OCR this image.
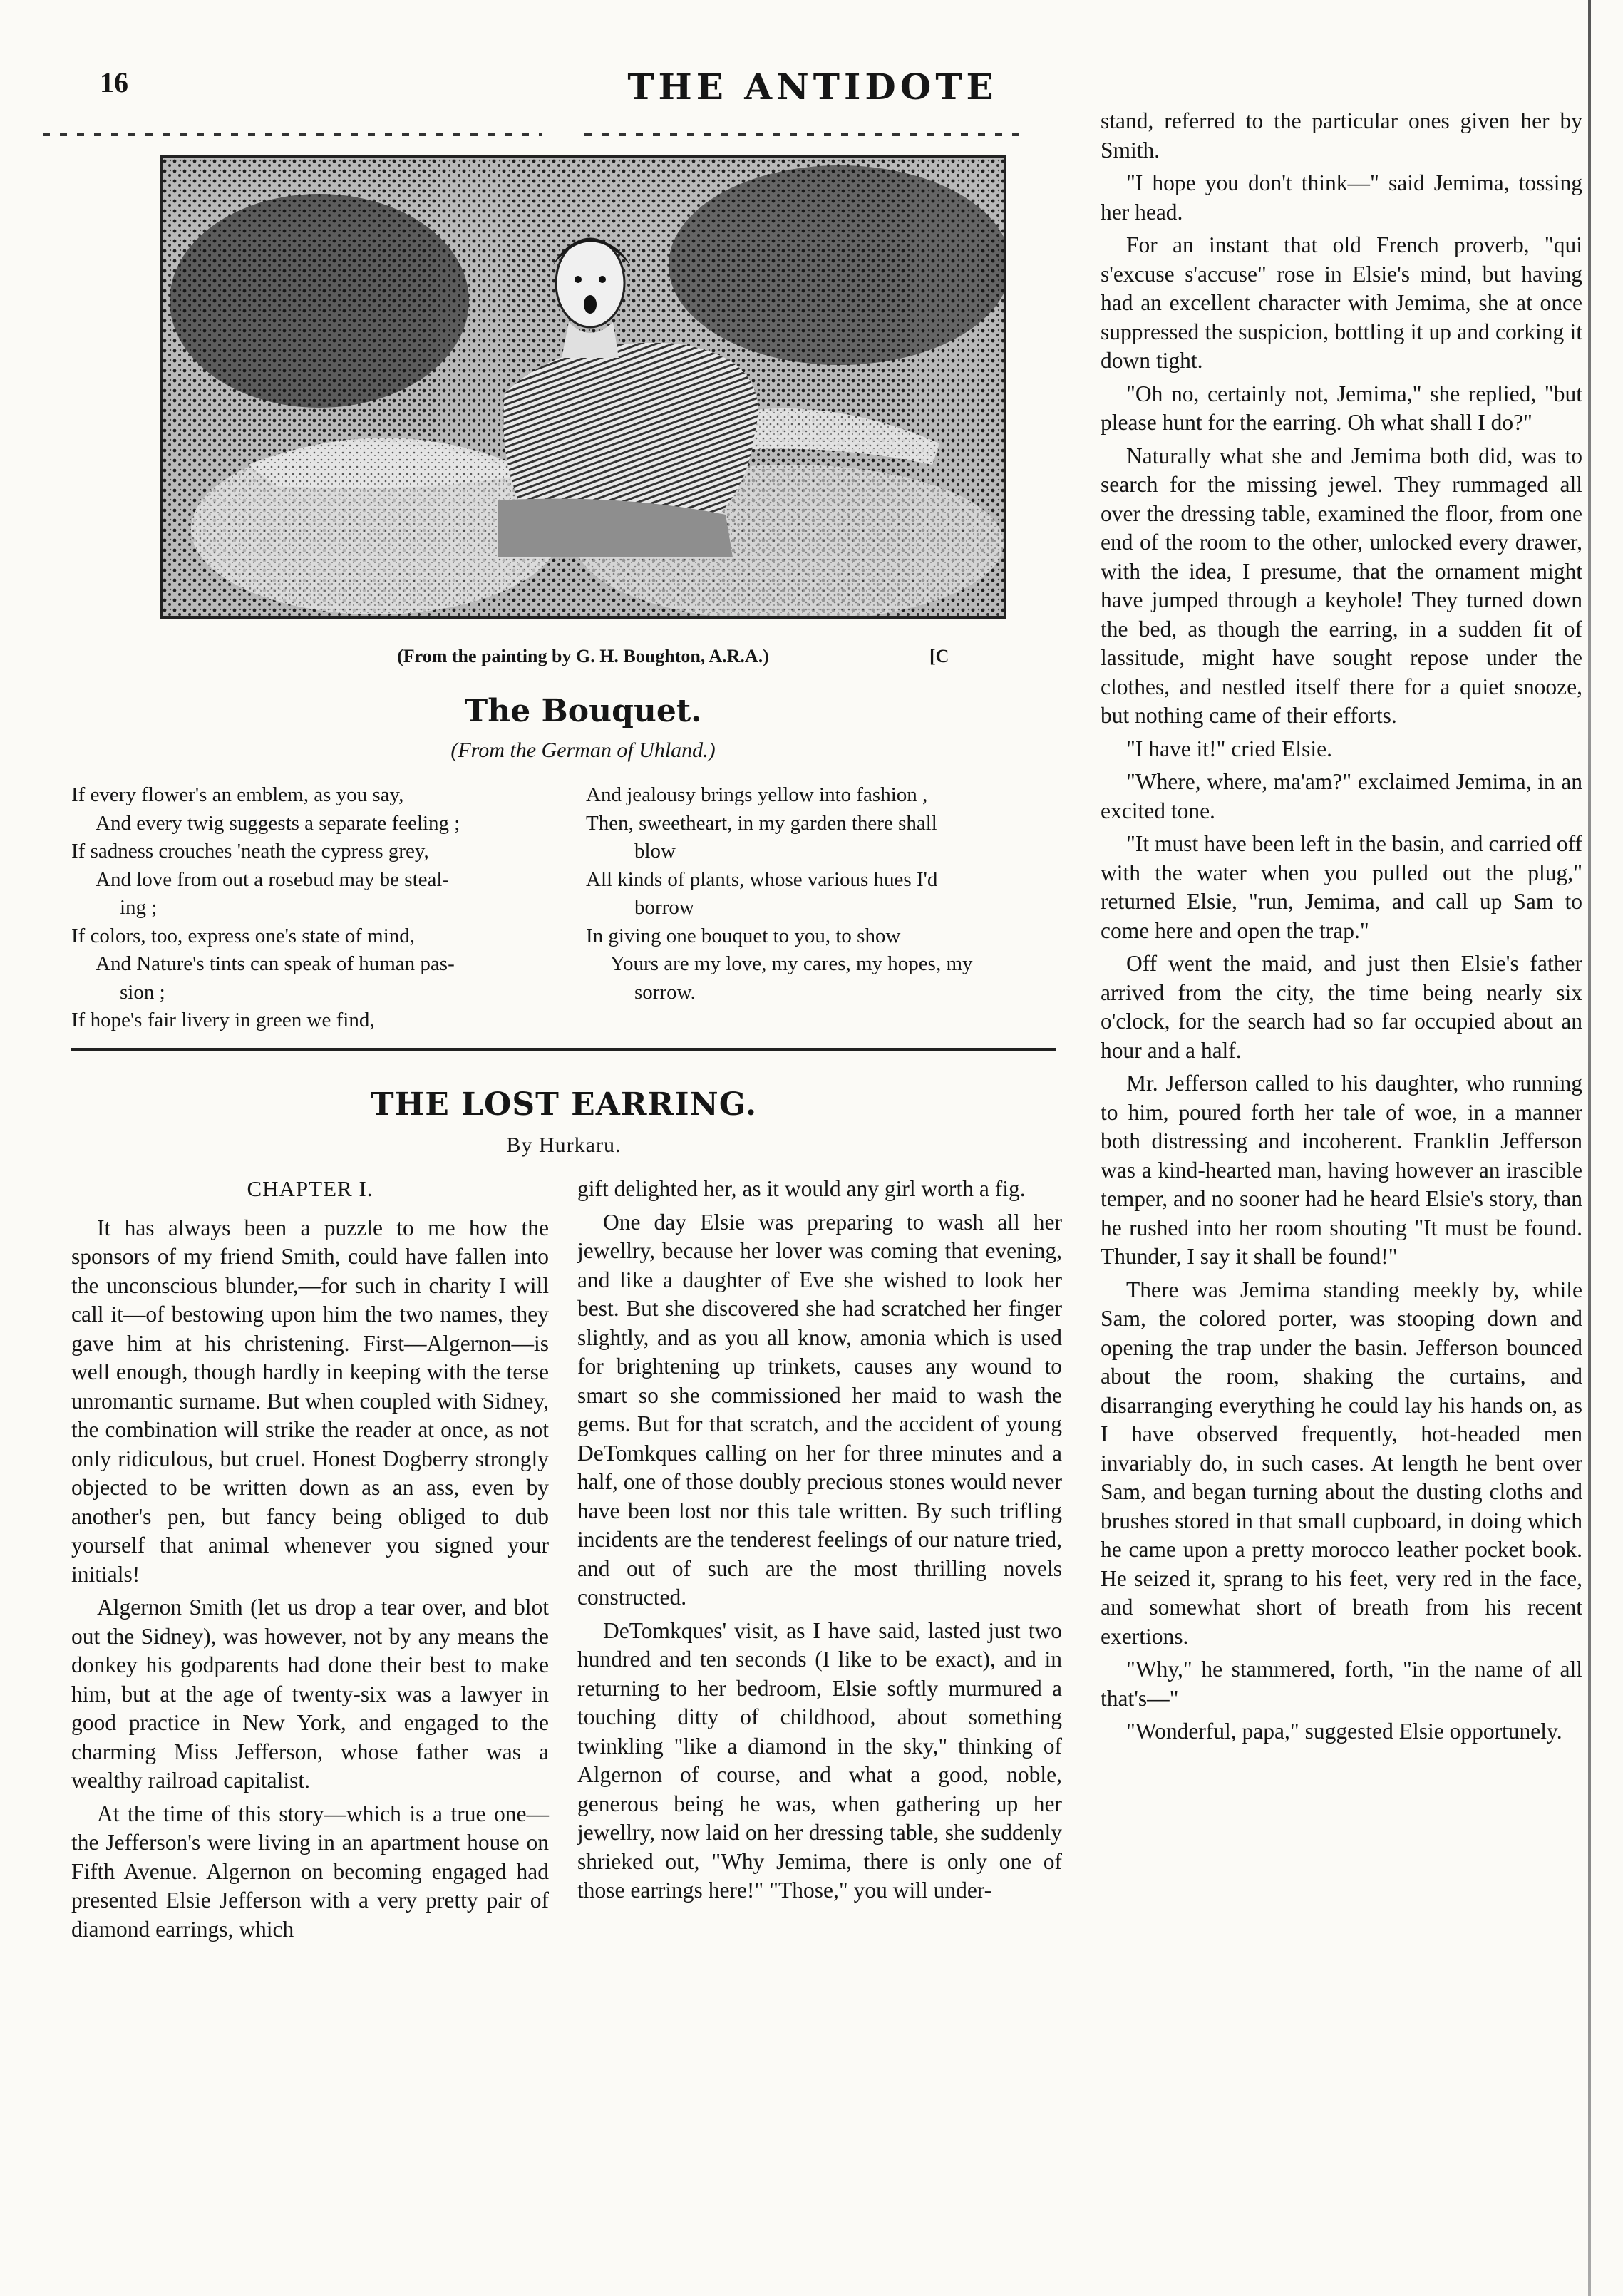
16	THE ANTIDOTE
(From the painting by G. H. Boughton, A.R.A.)	[C
The Bouquet.
(From the German of Uhland.)
If every flower's an emblem, as you say,
And every twig suggests a separate feeling ;
If sadness crouches 'neath the cypress grey,
And love from out a rosebud may be steal-
ing ;
If colors, too, express one's state of mind,
And Nature's tints can speak of human pas-
sion ;
If hope's fair livery in green we find,
And jealousy brings yellow into fashion ,
Then, sweetheart, in my garden there shall
blow
All kinds of plants, whose various hues I'd
borrow
In giving one bouquet to you, to show
Yours are my love, my cares, my hopes, my
sorrow.
THE LOST EARRING.
By Hurkaru.

CHAPTER I.

It has always been a puzzle to me how the sponsors of my friend Smith, could have fallen into the unconscious blunder,—for such in charity I will call it—of bestowing upon him the two names, they gave him at his christening. First—Algernon—is well enough, though hardly in keeping with the terse unromantic surname. But when coupled with Sidney, the combination will strike the reader at once, as not only ridiculous, but cruel. Honest Dogberry strongly objected to be written down as an ass, even by another's pen, but fancy being obliged to dub yourself that animal whenever you signed your initials!

Algernon Smith (let us drop a tear over, and blot out the Sidney), was however, not by any means the donkey his godparents had done their best to make him, but at the age of twenty-six was a lawyer in good practice in New York, and engaged to the charming Miss Jefferson, whose father was a wealthy railroad capitalist.

At the time of this story—which is a true one—the Jefferson's were living in an apartment house on Fifth Avenue. Algernon on becoming engaged had presented Elsie Jefferson with a very pretty pair of diamond earrings, which

gift delighted her, as it would any girl worth a fig.

One day Elsie was preparing to wash all her jewellry, because her lover was coming that evening, and like a daughter of Eve she wished to look her best. But she discovered she had scratched her finger slightly, and as you all know, amonia which is used for brightening up trinkets, causes any wound to smart so she commissioned her maid to wash the gems. But for that scratch, and the accident of young DeTomkques calling on her for three minutes and a half, one of those doubly precious stones would never have been lost nor this tale written. By such trifling incidents are the tenderest feelings of our nature tried, and out of such are the most thrilling novels constructed.

DeTomkques' visit, as I have said, lasted just two hundred and ten seconds (I like to be exact), and in returning to her bedroom, Elsie softly murmured a touching ditty of childhood, about something twinkling "like a diamond in the sky," thinking of Algernon of course, and what a good, noble, generous being he was, when gathering up her jewellry, now laid on her dressing table, she suddenly shrieked out, "Why Jemima, there is only one of those earrings here!" "Those," you will under-

stand, referred to the particular ones given her by Smith.

"I hope you don't think—" said Jemima, tossing her head.

For an instant that old French proverb, "qui s'excuse s'accuse" rose in Elsie's mind, but having had an excellent character with Jemima, she at once suppressed the suspicion, bottling it up and corking it down tight.

"Oh no, certainly not, Jemima," she replied, "but please hunt for the earring. Oh what shall I do?"

Naturally what she and Jemima both did, was to search for the missing jewel. They rummaged all over the dressing table, examined the floor, from one end of the room to the other, unlocked every drawer, with the idea, I presume, that the ornament might have jumped through a keyhole! They turned down the bed, as though the earring, in a sudden fit of lassitude, might have sought repose under the clothes, and nestled itself there for a quiet snooze, but nothing came of their efforts.

"I have it!" cried Elsie.

"Where, where, ma'am?" exclaimed Jemima, in an excited tone.

"It must have been left in the basin, and carried off with the water when you pulled out the plug," returned Elsie, "run, Jemima, and call up Sam to come here and open the trap."

Off went the maid, and just then Elsie's father arrived from the city, the time being nearly six o'clock, for the search had so far occupied about an hour and a half.

Mr. Jefferson called to his daughter, who running to him, poured forth her tale of woe, in a manner both distressing and incoherent. Franklin Jefferson was a kind-hearted man, having however an irascible temper, and no sooner had he heard Elsie's story, than he rushed into her room shouting "It must be found. Thunder, I say it shall be found!"

There was Jemima standing meekly by, while Sam, the colored porter, was stooping down and opening the trap under the basin. Jefferson bounced about the room, shaking the curtains, and disarranging everything he could lay his hands on, as I have observed frequently, hot-headed men invariably do, in such cases. At length he bent over Sam, and began turning about the dusting cloths and brushes stored in that small cupboard, in doing which he came upon a pretty morocco leather pocket book. He seized it, sprang to his feet, very red in the face, and somewhat short of breath from his recent exertions.

"Why," he stammered, forth, "in the name of all that's—"

"Wonderful, papa," suggested Elsie opportunely.
